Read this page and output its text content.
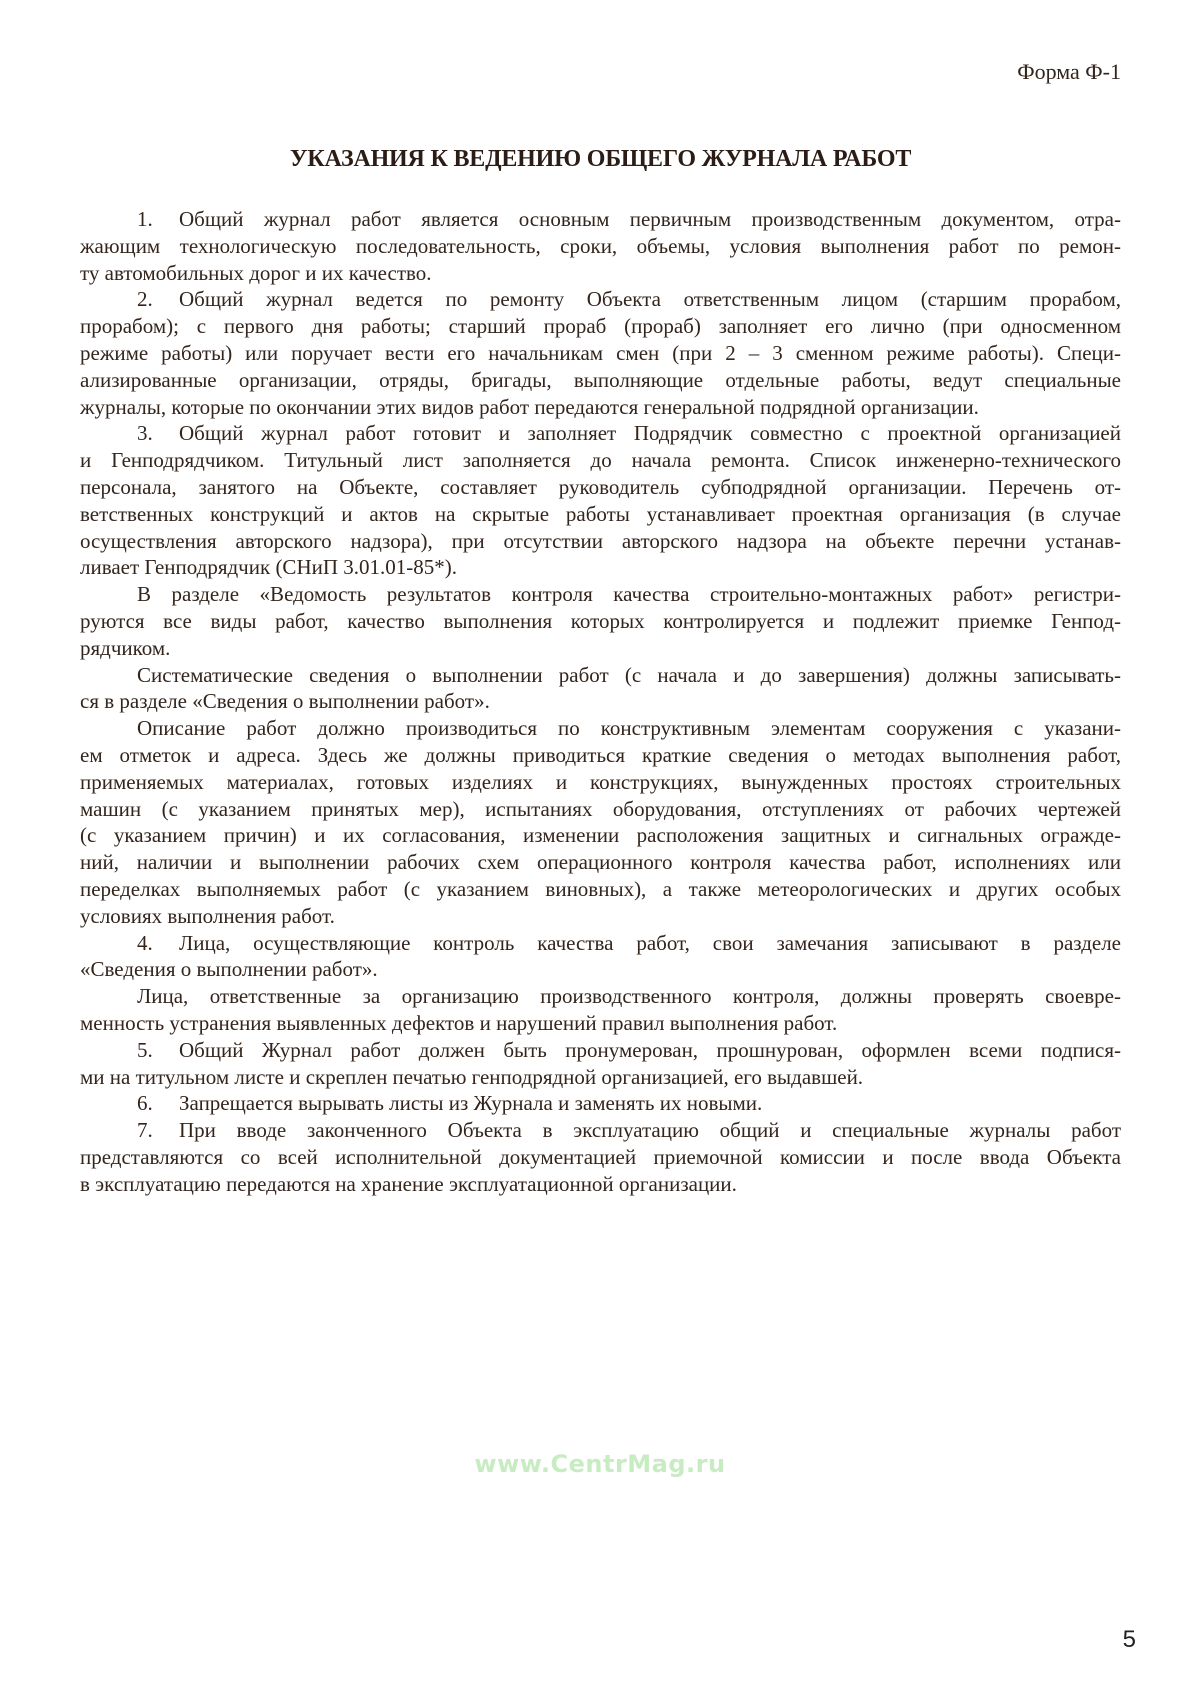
Форма Ф-1
УКАЗАНИЯ К ВЕДЕНИЮ ОБЩЕГО ЖУРНАЛА РАБОТ
1. Общий журнал работ является основным первичным производственным документом, отра-
жающим технологическую последовательность, сроки, объемы, условия выполнения работ по ремон-
ту автомобильных дорог и их качество.
2. Общий журнал ведется по ремонту Объекта ответственным лицом (старшим прорабом,
прорабом); с первого дня работы; старший прораб (прораб) заполняет его лично (при односменном
режиме работы) или поручает вести его начальникам смен (при 2 – 3 сменном режиме работы). Специ-
ализированные организации, отряды, бригады, выполняющие отдельные работы, ведут специальные
журналы, которые по окончании этих видов работ передаются генеральной подрядной организации.
3. Общий журнал работ готовит и заполняет Подрядчик совместно с проектной организацией
и Генподрядчиком. Титульный лист заполняется до начала ремонта. Список инженерно-технического
персонала, занятого на Объекте, составляет руководитель субподрядной организации. Перечень от-
ветственных конструкций и актов на скрытые работы устанавливает проектная организация (в случае
осуществления авторского надзора), при отсутствии авторского надзора на объекте перечни устанав-
ливает Генподрядчик (СНиП 3.01.01-85*).
В разделе «Ведомость результатов контроля качества строительно-монтажных работ» регистри-
руются все виды работ, качество выполнения которых контролируется и подлежит приемке Генпод-
рядчиком.
Систематические сведения о выполнении работ (с начала и до завершения) должны записывать-
ся в разделе «Сведения о выполнении работ».
Описание работ должно производиться по конструктивным элементам сооружения с указани-
ем отметок и адреса. Здесь же должны приводиться краткие сведения о методах выполнения работ,
применяемых материалах, готовых изделиях и конструкциях, вынужденных простоях строительных
машин (с указанием принятых мер), испытаниях оборудования, отступлениях от рабочих чертежей
(с указанием причин) и их согласования, изменении расположения защитных и сигнальных огражде-
ний, наличии и выполнении рабочих схем операционного контроля качества работ, исполнениях или
переделках выполняемых работ (с указанием виновных), а также метеорологических и других особых
условиях выполнения работ.
4. Лица, осуществляющие контроль качества работ, свои замечания записывают в разделе
«Сведения о выполнении работ».
Лица, ответственные за организацию производственного контроля, должны проверять своевре-
менность устранения выявленных дефектов и нарушений правил выполнения работ.
5. Общий Журнал работ должен быть пронумерован, прошнурован, оформлен всеми подпися-
ми на титульном листе и скреплен печатью генподрядной организацией, его выдавшей.
6. Запрещается вырывать листы из Журнала и заменять их новыми.
7. При вводе законченного Объекта в эксплуатацию общий и специальные журналы работ
представляются со всей исполнительной документацией приемочной комиссии и после ввода Объекта
в эксплуатацию передаются на хранение эксплуатационной организации.
www.CentrMag.ru
5
